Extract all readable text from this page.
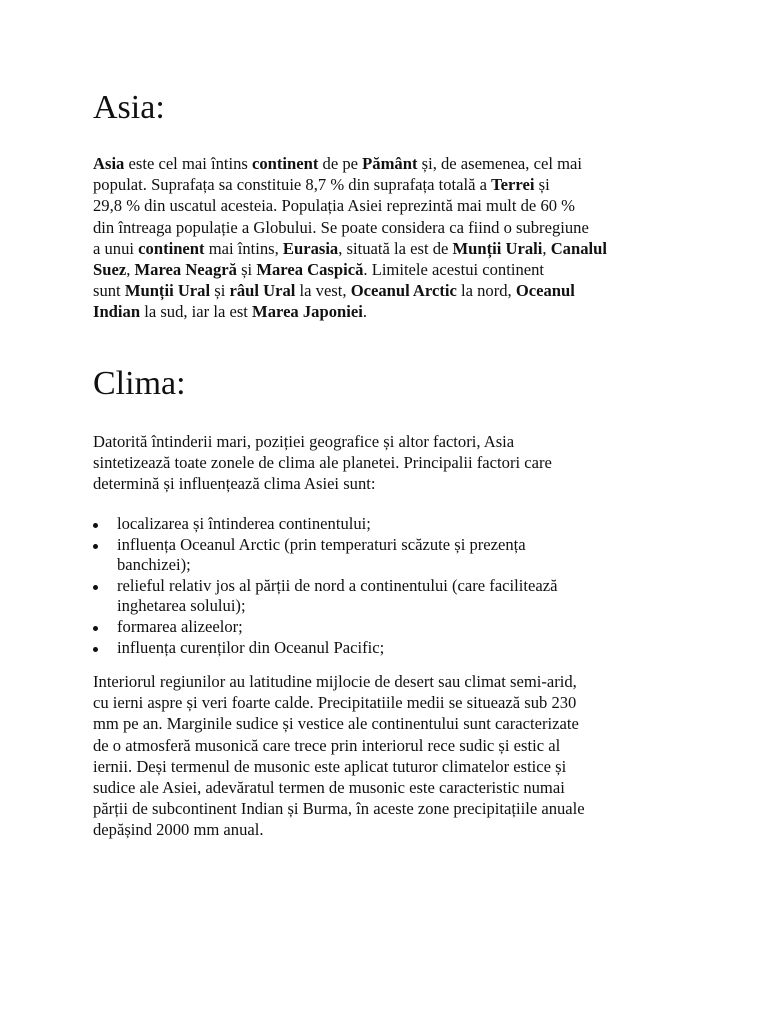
Asia:

Asia este cel mai întins continent de pe Pământ și, de asemenea, cel mai
populat. Suprafața sa constituie 8,7 % din suprafața totală a Terrei și
29,8 % din uscatul acesteia. Populația Asiei reprezintă mai mult de 60 %
din întreaga populație a Globului. Se poate considera ca fiind o subregiune
a unui continent mai întins, Eurasia, situată la est de Munții Urali, Canalul
Suez, Marea Neagră și Marea Caspică. Limitele acestui continent
sunt Munții Ural și râul Ural la vest, Oceanul Arctic la nord, Oceanul
Indian la sud, iar la est Marea Japoniei.

Clima:

Datorită întinderii mari, poziției geografice și altor factori, Asia
sintetizează toate zonele de clima ale planetei. Principalii factori care
determină și influențează clima Asiei sunt:

localizarea și întinderea continentului;
influența Oceanul Arctic (prin temperaturi scăzute și prezența
banchizei);
relieful relativ jos al părții de nord a continentului (care facilitează
inghetarea solului);
formarea alizeelor;
influența curenților din Oceanul Pacific;

Interiorul regiunilor au latitudine mijlocie de desert sau climat semi-arid,
cu ierni aspre și veri foarte calde. Precipitatiile medii se situează sub 230
mm pe an. Marginile sudice și vestice ale continentului sunt caracterizate
de o atmosferă musonică care trece prin interiorul rece sudic și estic al
iernii. Deși termenul de musonic este aplicat tuturor climatelor estice și
sudice ale Asiei, adevăratul termen de musonic este caracteristic numai
părții de subcontinent Indian și Burma, în aceste zone precipitațiile anuale
depășind 2000 mm anual.
